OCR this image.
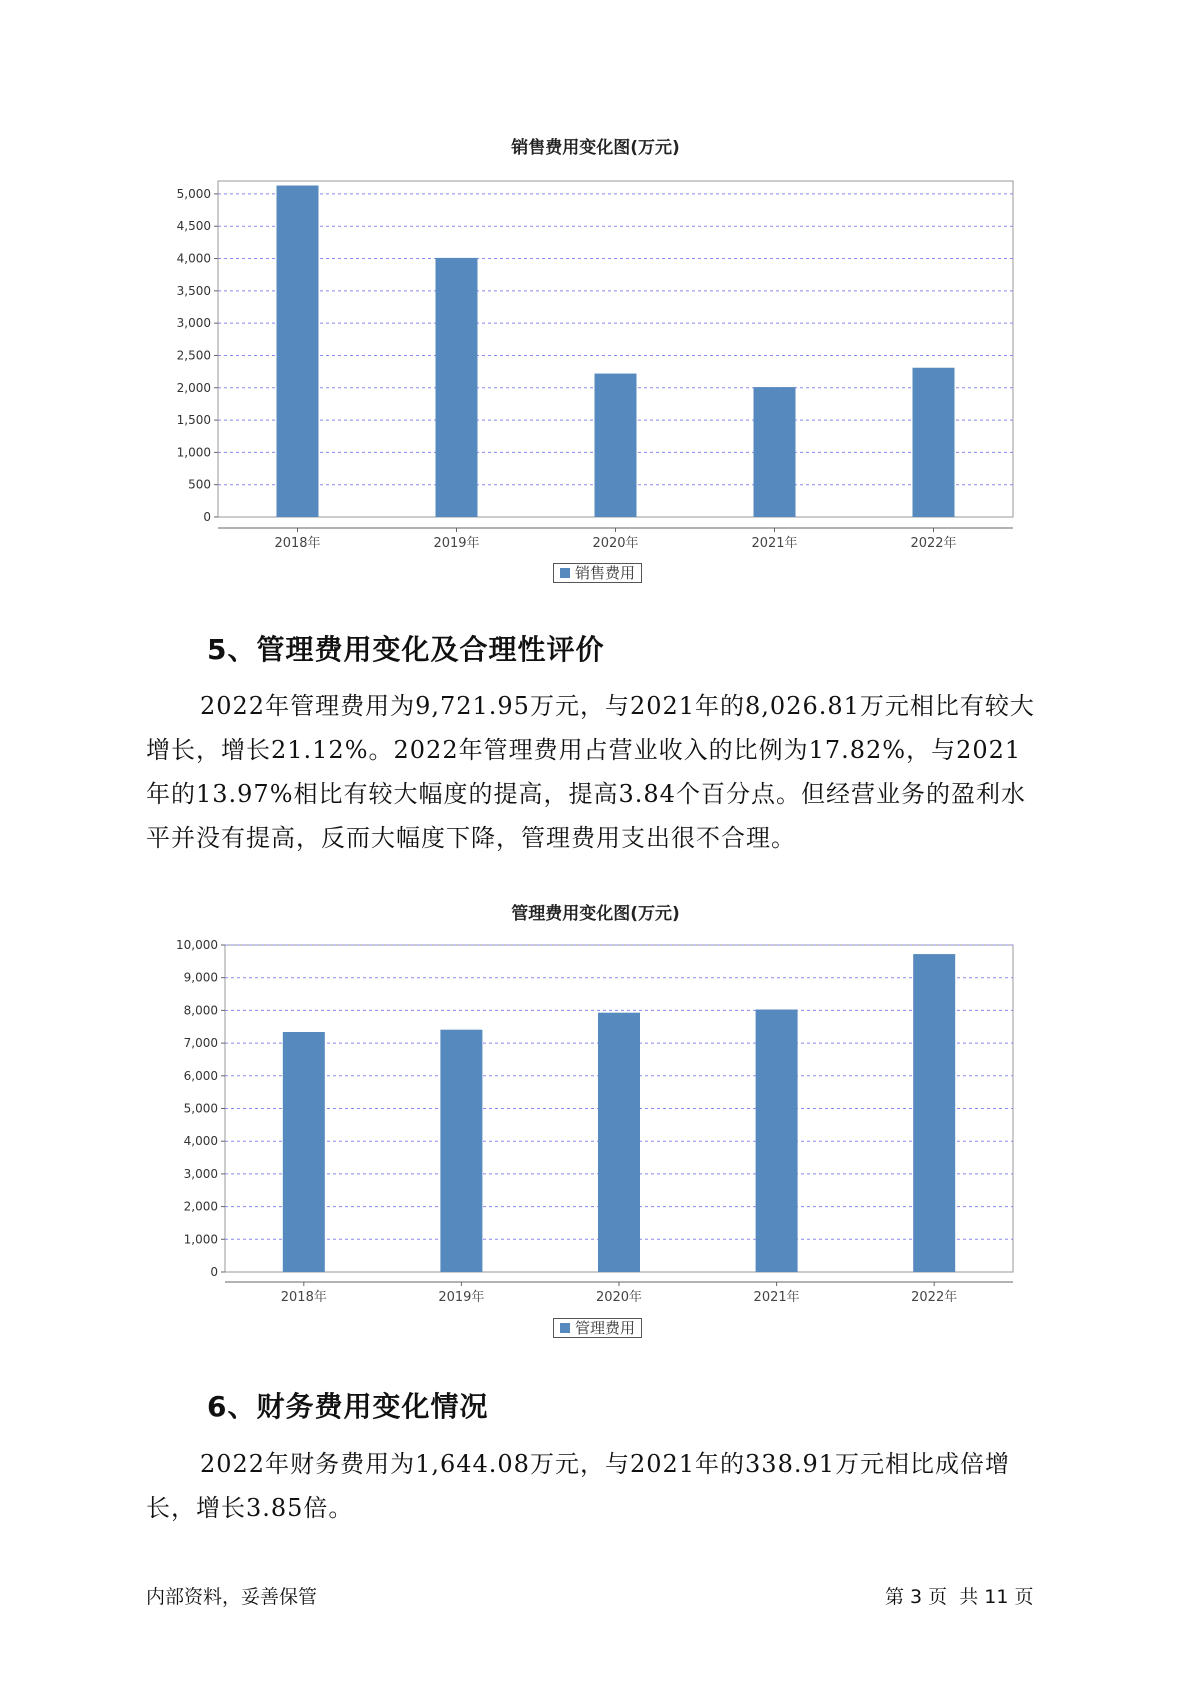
销售费用变化图(万元)
0
500
1,000
1,500
2,000
2,500
3,000
3,500
4,000
4,500
5,000
2018年	2019年	2020年	2021年	2022年
销售费用
5、管理费用变化及合理性评价

2022年管理费用为9,721.95万元，与2021年的8,026.81万元相比有较大增长，增长21.12%。2022年管理费用占营业收入的比例为17.82%，与2021年的13.97%相比有较大幅度的提高，提高3.84个百分点。但经营业务的盈利水平并没有提高，反而大幅度下降，管理费用支出很不合理。

管理费用变化图(万元)
0
1,000
2,000
3,000
4,000
5,000
6,000
7,000
8,000
9,000
10,000
2018年	2019年	2020年	2021年	2022年
管理费用
6、财务费用变化情况

2022年财务费用为1,644.08万元，与2021年的338.91万元相比成倍增长，增长3.85倍。

内部资料，妥善保管	第 3 页  共 11 页
